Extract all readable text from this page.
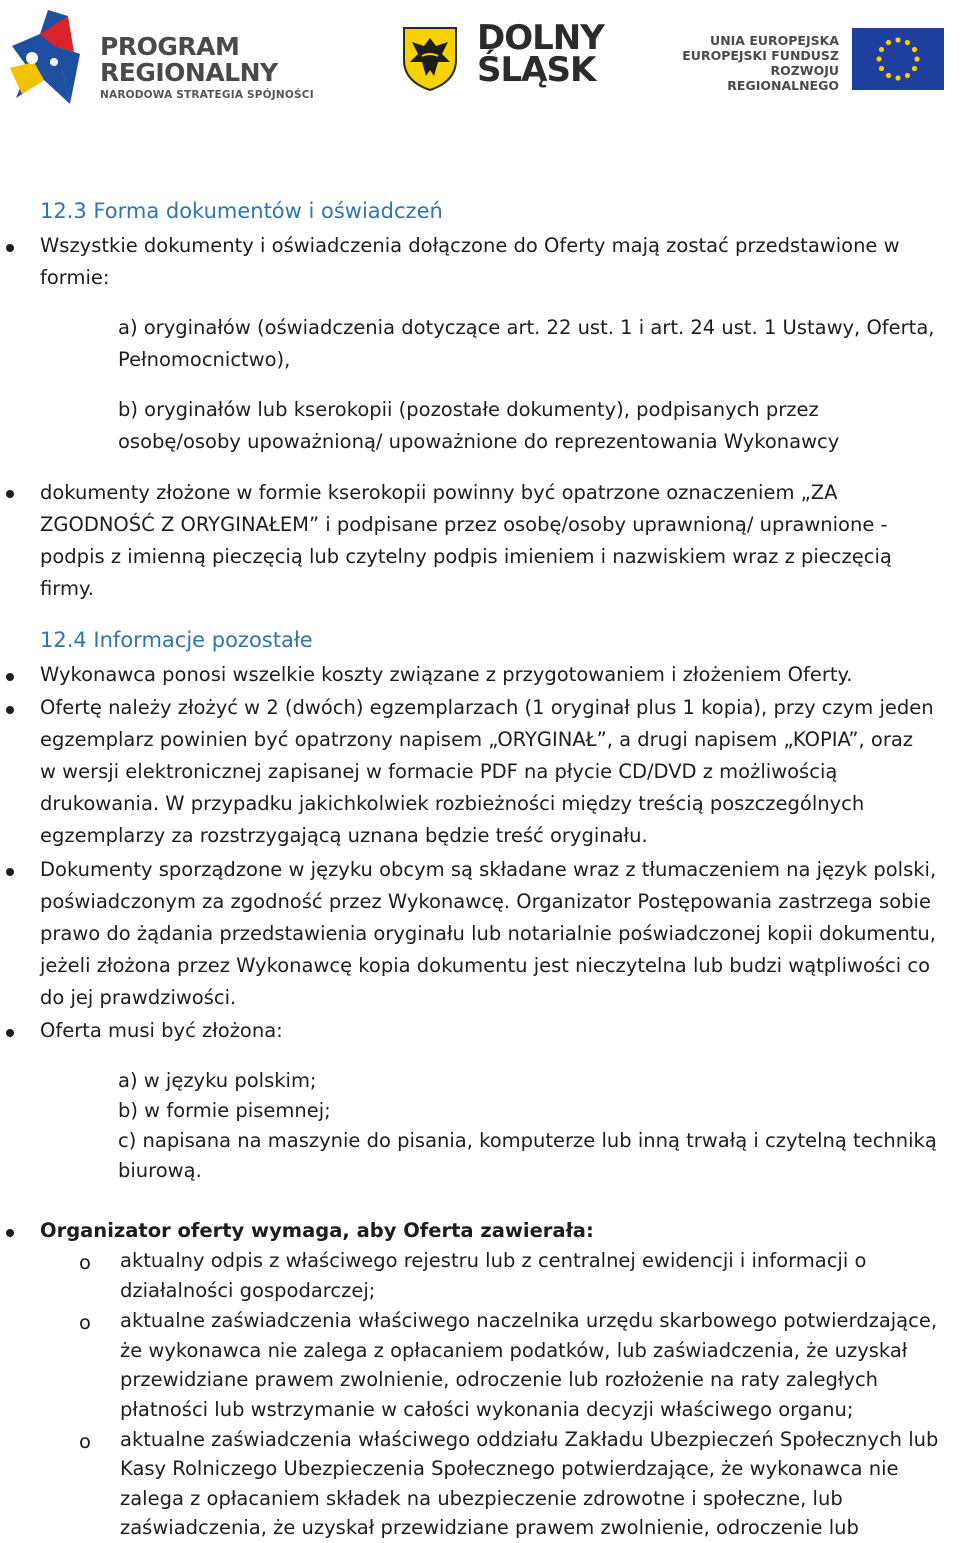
PROGRAM
REGIONALNY
NARODOWA STRATEGIA SPÓJNOŚCI
DOLNY
ŚLĄSK
UNIA EUROPEJSKA
EUROPEJSKI FUNDUSZ
ROZWOJU REGIONALNEGO
12.3 Forma dokumentów i oświadczeń
Wszystkie dokumenty i oświadczenia dołączone do Oferty mają zostać przedstawione w
formie:
a) oryginałów (oświadczenia dotyczące art. 22 ust. 1 i art. 24 ust. 1 Ustawy, Oferta,
Pełnomocnictwo),
b) oryginałów lub kserokopii (pozostałe dokumenty), podpisanych przez
osobę/osoby upoważnioną/ upoważnione do reprezentowania Wykonawcy
dokumenty złożone w formie kserokopii powinny być opatrzone oznaczeniem „ZA
ZGODNOŚĆ Z ORYGINAŁEM” i podpisane przez osobę/osoby uprawnioną/ uprawnione -
podpis z imienną pieczęcią lub czytelny podpis imieniem i nazwiskiem wraz z pieczęcią
firmy.
12.4 Informacje pozostałe
Wykonawca ponosi wszelkie koszty związane z przygotowaniem i złożeniem Oferty.
Ofertę należy złożyć w 2 (dwóch) egzemplarzach (1 oryginał plus 1 kopia), przy czym jeden
egzemplarz powinien być opatrzony napisem „ORYGINAŁ”, a drugi napisem „KOPIA”, oraz
w wersji elektronicznej zapisanej w formacie PDF na płycie CD/DVD z możliwością
drukowania. W przypadku jakichkolwiek rozbieżności między treścią poszczególnych
egzemplarzy za rozstrzygającą uznana będzie treść oryginału.
Dokumenty sporządzone w języku obcym są składane wraz z tłumaczeniem na język polski,
poświadczonym za zgodność przez Wykonawcę. Organizator Postępowania zastrzega sobie
prawo do żądania przedstawienia oryginału lub notarialnie poświadczonej kopii dokumentu,
jeżeli złożona przez Wykonawcę kopia dokumentu jest nieczytelna lub budzi wątpliwości co
do jej prawdziwości.
Oferta musi być złożona:
a) w języku polskim;
b) w formie pisemnej;
c) napisana na maszynie do pisania, komputerze lub inną trwałą i czytelną techniką
biurową.
Organizator oferty wymaga, aby Oferta zawierała:
o aktualny odpis z właściwego rejestru lub z centralnej ewidencji i informacji o
działalności gospodarczej;
o aktualne zaświadczenia właściwego naczelnika urzędu skarbowego potwierdzające,
że wykonawca nie zalega z opłacaniem podatków, lub zaświadczenia, że uzyskał
przewidziane prawem zwolnienie, odroczenie lub rozłożenie na raty zaległych
płatności lub wstrzymanie w całości wykonania decyzji właściwego organu;
o aktualne zaświadczenia właściwego oddziału Zakładu Ubezpieczeń Społecznych lub
Kasy Rolniczego Ubezpieczenia Społecznego potwierdzające, że wykonawca nie
zalega z opłacaniem składek na ubezpieczenie zdrowotne i społeczne, lub
zaświadczenia, że uzyskał przewidziane prawem zwolnienie, odroczenie lub
